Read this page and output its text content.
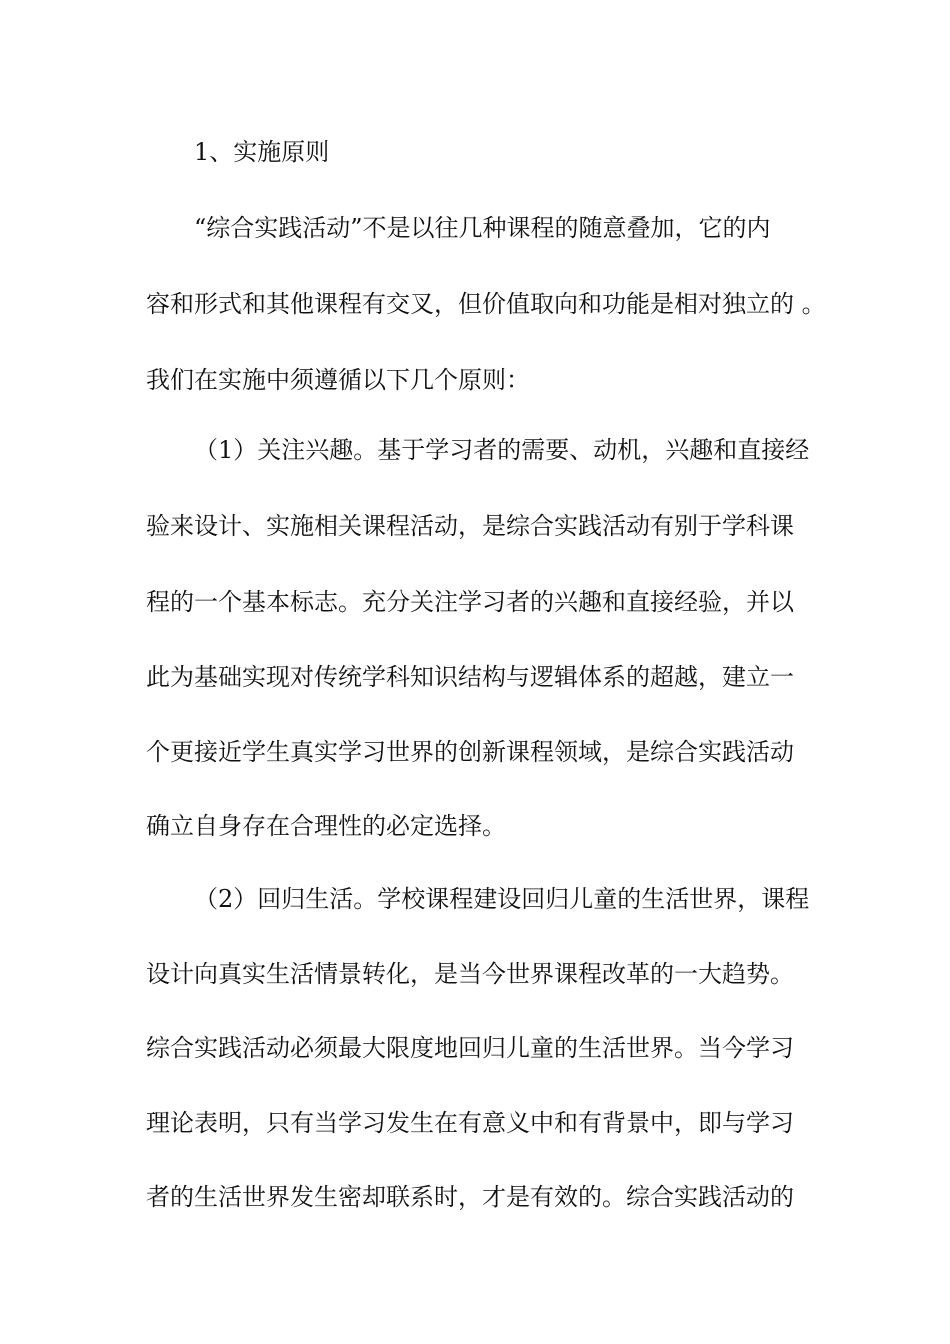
1、实施原则
“综合实践活动”不是以往几种课程的随意叠加，它的内
容和形式和其他课程有交叉，但价值取向和功能是相对独立的 。
我们在实施中须遵循以下几个原则：
（1）关注兴趣。基于学习者的需要、动机，兴趣和直接经
验来设计、实施相关课程活动，是综合实践活动有别于学科课
程的一个基本标志。充分关注学习者的兴趣和直接经验，并以
此为基础实现对传统学科知识结构与逻辑体系的超越，建立一
个更接近学生真实学习世界的创新课程领域，是综合实践活动
确立自身存在合理性的必定选择。
（2）回归生活。学校课程建设回归儿童的生活世界，课程
设计向真实生活情景转化，是当今世界课程改革的一大趋势。
综合实践活动必须最大限度地回归儿童的生活世界。当今学习
理论表明，只有当学习发生在有意义中和有背景中，即与学习
者的生活世界发生密却联系时，才是有效的。综合实践活动的
